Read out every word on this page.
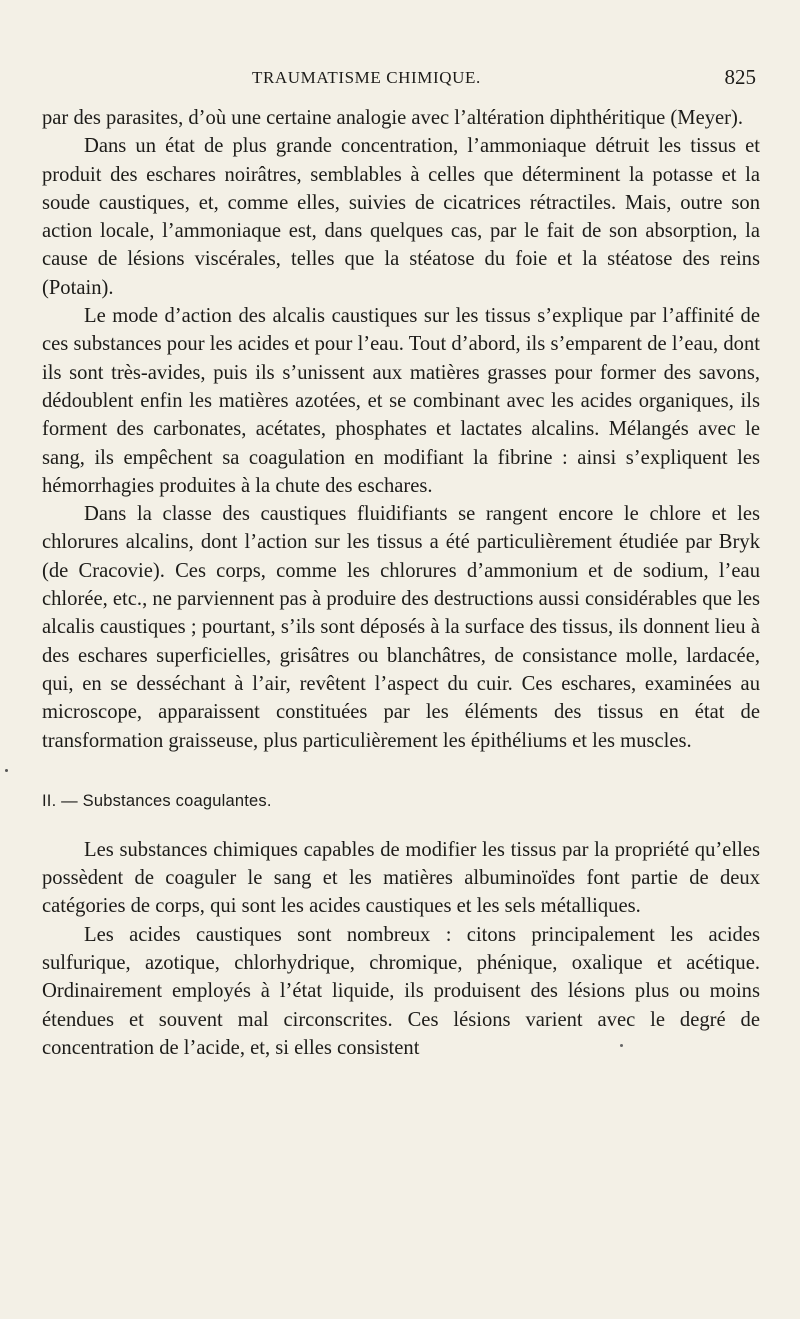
TRAUMATISME CHIMIQUE.	825

par des parasites, d’où une certaine analogie avec l’altération diphthéritique (Meyer).

Dans un état de plus grande concentration, l’ammoniaque détruit les tissus et produit des eschares noirâtres, semblables à celles que déterminent la potasse et la soude caustiques, et, comme elles, suivies de cicatrices rétractiles. Mais, outre son action locale, l’ammoniaque est, dans quelques cas, par le fait de son absorption, la cause de lésions viscérales, telles que la stéatose du foie et la stéatose des reins (Potain).

Le mode d’action des alcalis caustiques sur les tissus s’explique par l’affinité de ces substances pour les acides et pour l’eau. Tout d’abord, ils s’emparent de l’eau, dont ils sont très-avides, puis ils s’unissent aux matières grasses pour former des savons, dédoublent enfin les matières azotées, et se combinant avec les acides organiques, ils forment des carbonates, acétates, phosphates et lactates alcalins. Mélangés avec le sang, ils empêchent sa coagulation en modifiant la fibrine : ainsi s’expliquent les hémorrhagies produites à la chute des eschares.

Dans la classe des caustiques fluidifiants se rangent encore le chlore et les chlorures alcalins, dont l’action sur les tissus a été particulièrement étudiée par Bryk (de Cracovie). Ces corps, comme les chlorures d’ammonium et de sodium, l’eau chlorée, etc., ne parviennent pas à produire des destructions aussi considérables que les alcalis caustiques ; pourtant, s’ils sont déposés à la surface des tissus, ils donnent lieu à des eschares superficielles, grisâtres ou blanchâtres, de consistance molle, lardacée, qui, en se desséchant à l’air, revêtent l’aspect du cuir. Ces eschares, examinées au microscope, apparaissent constituées par les éléments des tissus en état de transformation graisseuse, plus particulièrement les épithéliums et les muscles.

II. — Substances coagulantes.

Les substances chimiques capables de modifier les tissus par la propriété qu’elles possèdent de coaguler le sang et les matières albuminoïdes font partie de deux catégories de corps, qui sont les acides caustiques et les sels métalliques.

Les acides caustiques sont nombreux : citons principalement les acides sulfurique, azotique, chlorhydrique, chromique, phénique, oxalique et acétique. Ordinairement employés à l’état liquide, ils produisent des lésions plus ou moins étendues et souvent mal circonscrites. Ces lésions varient avec le degré de concentration de l’acide, et, si elles consistent
